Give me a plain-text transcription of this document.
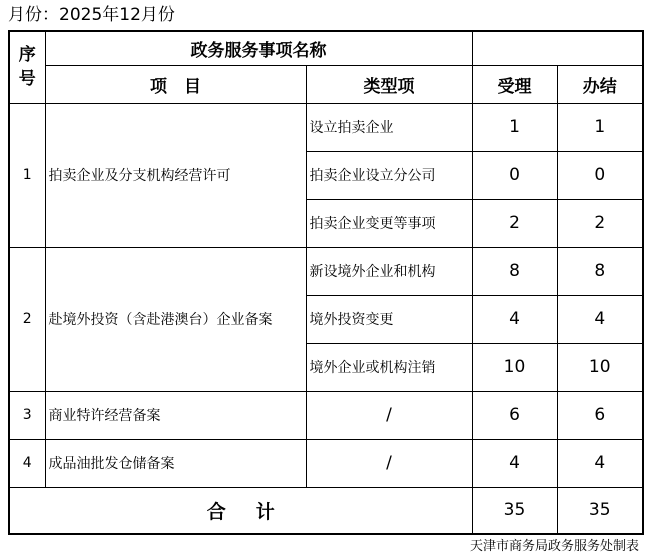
月份：2025年12月份
序
号	政务服务事项名称			
	项　目	类型项	受理	办结
1	拍卖企业及分支机构经营许可	设立拍卖企业	1	1
		拍卖企业设立分公司	0	0
		拍卖企业变更等事项	2	2
2	赴境外投资（含赴港澳台）企业备案	新设境外企业和机构	8	8
		境外投资变更	4	4
		境外企业或机构注销	10	10
3	商业特许经营备案	/	6	6
4	成品油批发仓储备案	/	4	4
合计			35	35
天津市商务局政务服务处制表
